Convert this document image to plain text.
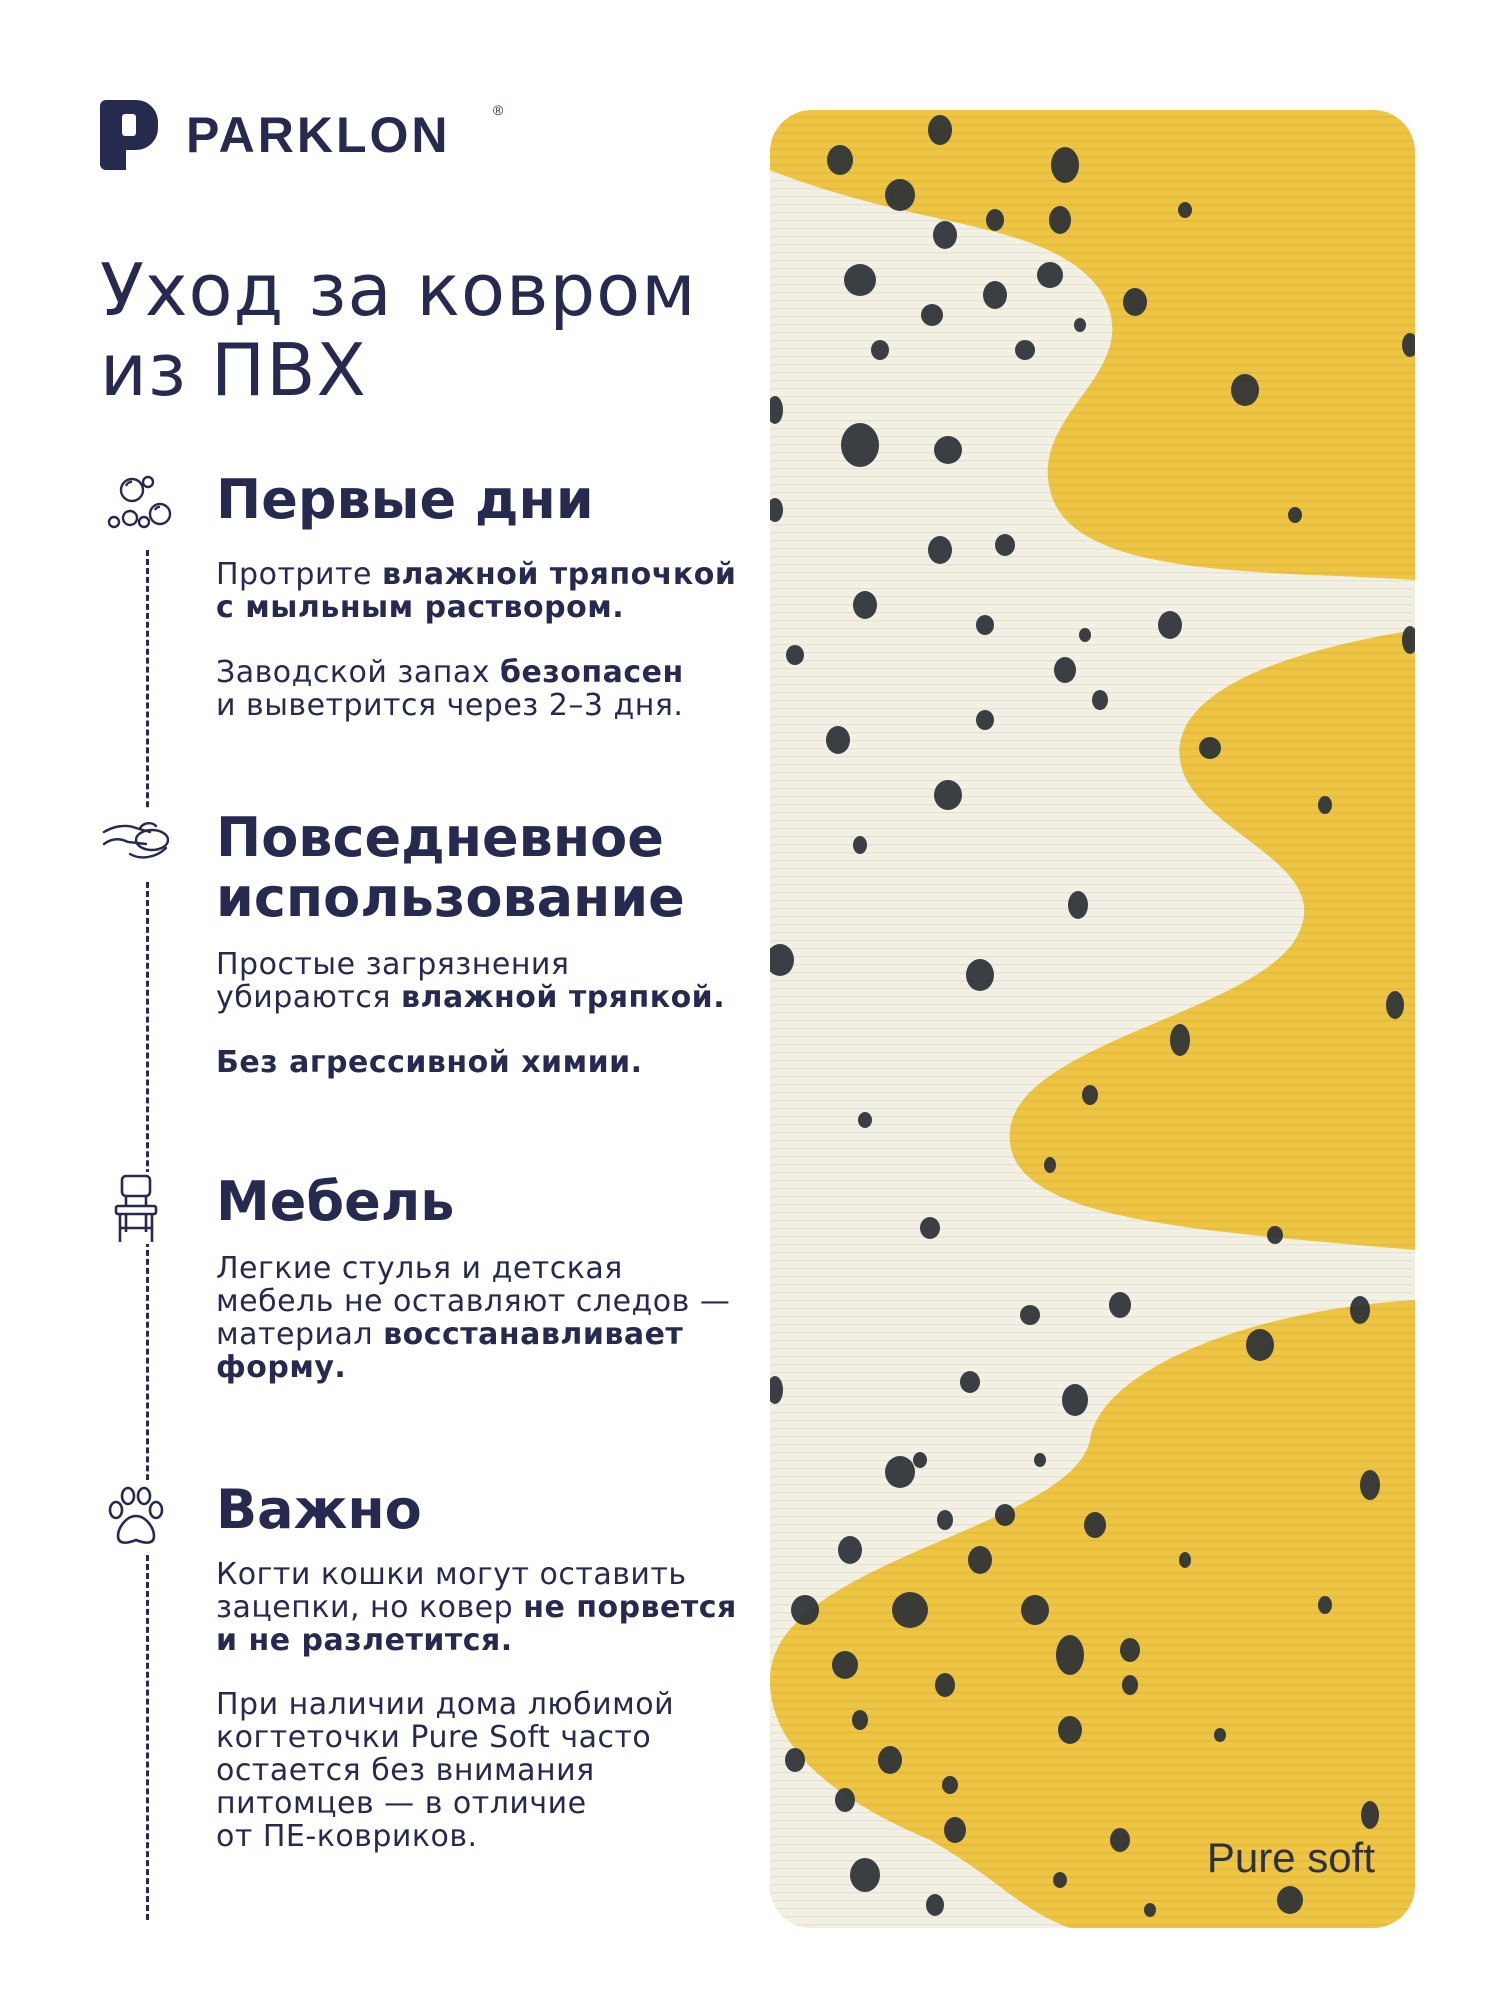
PARKLON	®
Уход за ковром
из ПВХ
Первые дни

Протрите влажной тряпочкой
с мыльным раствором.

Заводской запах безопасен
и выветрится через 2–3 дня.

Повседневное
использование

Простые загрязнения
убираются влажной тряпкой.

Без агрессивной химии.

Мебель

Легкие стулья и детская
мебель не оставляют следов —
материал восстанавливает
форму.

Важно

Когти кошки могут оставить
зацепки, но ковер не порвется
и не разлетится.

При наличии дома любимой
когтеточки Pure Soft часто
остается без внимания
питомцев — в отличие
от ПЕ-ковриков.	Pure soft
